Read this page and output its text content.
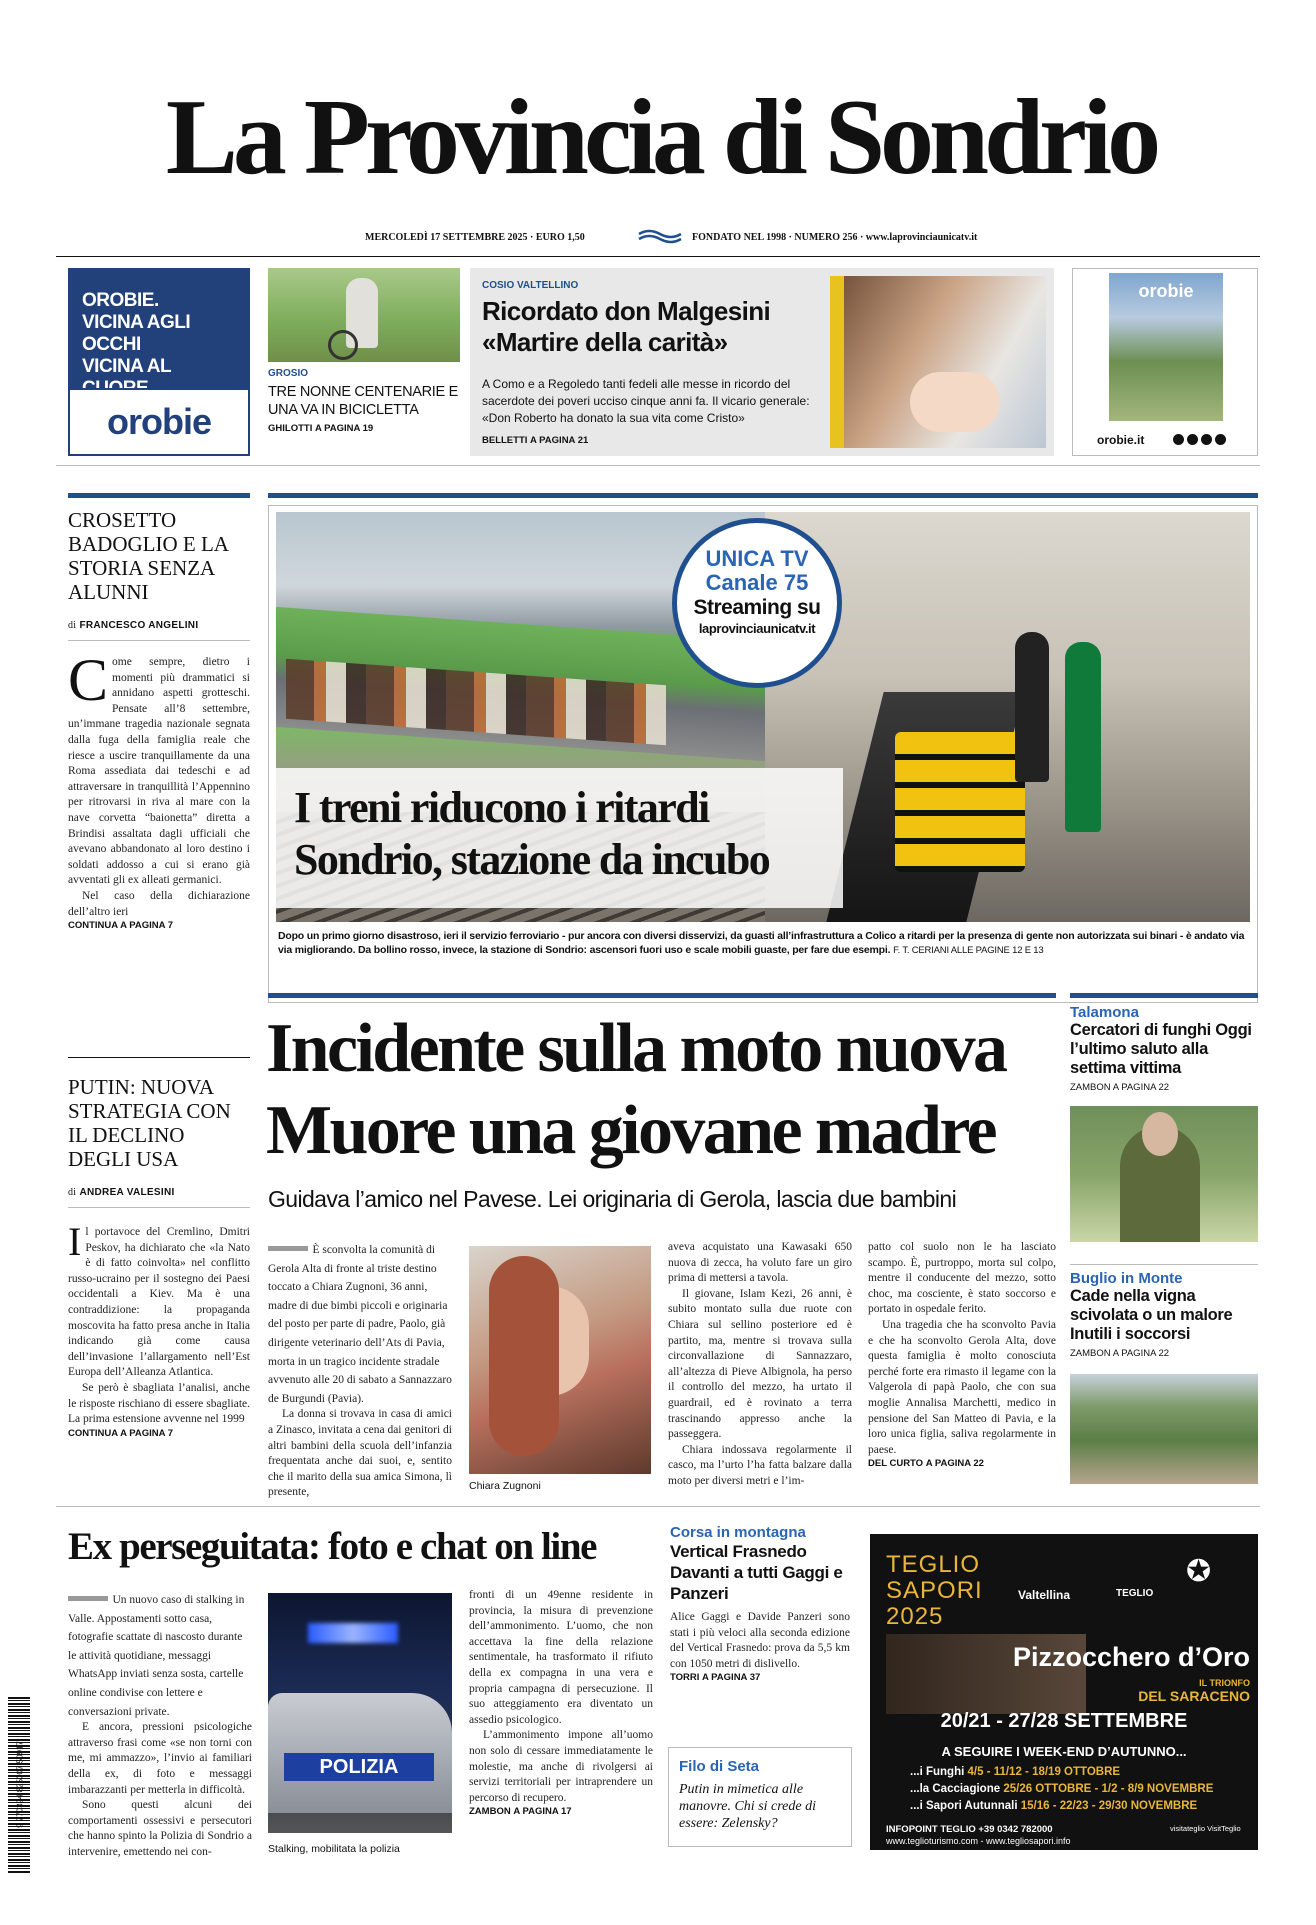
La Provincia di Sondrio
MERCOLEDÌ 17 SETTEMBRE 2025 · EURO 1,50	FONDATO NEL 1998 · NUMERO 256 · www.laprovinciaunicatv.it
OROBIE.
VICINA AGLI OCCHI
VICINA AL
orobie
GROSIO
TRE NONNE CENTENARIE E UNA VA IN BICICLETTA
GHILOTTI A PAGINA 19
COSIO VALTELLINO
Ricordato don Malgesini
«Martire della carità»
A Como e a Regoledo tanti fedeli alle messe in ricordo del sacerdote dei poveri ucciso cinque anni fa. Il vicario generale: «Don Roberto ha donato la sua vita come Cristo»
BELLETTI A PAGINA 21
orobie
orobie.it
CROSETTO BADOGLIO E LA STORIA SENZA ALUNNI
di FRANCESCO ANGELINI
C ome sempre, dietro i momenti più drammatici si annidano aspetti grotteschi. Pensate all’8 settembre, un’immane tragedia nazionale segnata dalla fuga della famiglia reale che riesce a uscire tranquillamente da una Roma assediata dai tedeschi e ad attraversare in tranquillità l’Appennino per ritrovarsi in riva al mare con la nave corvetta “baionetta” diretta a Brindisi assaltata dagli ufficiali che avevano abbandonato al loro destino i soldati addosso a cui si erano già avventati gli ex alleati germanici.
Nel caso della dichiarazione dell’altro ieri
CONTINUA A PAGINA 7
PUTIN: NUOVA STRATEGIA CON IL DECLINO DEGLI USA
di ANDREA VALESINI
I l portavoce del Cremlino, Dmitri Peskov, ha dichiarato che «la Nato è di fatto coinvolta» nel conflitto russo-ucraino per il sostegno dei Paesi occidentali a Kiev. Ma è una contraddizione: la propaganda moscovita ha fatto presa anche in Italia indicando già come causa dell’invasione l’allargamento nell’Est Europa dell’Alleanza Atlantica.
Se però è sbagliata l’analisi, anche le risposte rischiano di essere sbagliate. La prima estensione avvenne nel 1999
CONTINUA A PAGINA 7
UNICA TV
Canale 75
Streaming su
laprovinciaunicatv.it
I treni riducono i ritardi
Sondrio, stazione da incubo
Dopo un primo giorno disastroso, ieri il servizio ferroviario - pur ancora con diversi disservizi, da guasti all’infrastruttura a Colico a ritardi per la presenza di gente non autorizzata sui binari - è andato via via migliorando. Da bollino rosso, invece, la stazione di Sondrio: ascensori fuori uso e scale mobili guaste, per fare due esempi. F. T. CERIANI ALLE PAGINE 12 E 13
Incidente sulla moto nuova
Muore una giovane madre
Guidava l’amico nel Pavese. Lei originaria di Gerola, lascia due bambini
È sconvolta la comunità di Gerola Alta di fronte al triste destino toccato a Chiara Zugnoni, 36 anni, madre di due bimbi piccoli e originaria del posto per parte di padre, Paolo, già dirigente veterinario dell’Ats di Pavia, morta in un tragico incidente stradale avvenuto alle 20 di sabato a Sannazzaro de Burgundi (Pavia).
La donna si trovava in casa di amici a Zinasco, invitata a cena dai genitori di altri bambini della scuola dell’infanzia frequentata anche dai suoi, e, sentito che il marito della sua amica Simona, lì presente,
Chiara Zugnoni
aveva acquistato una Kawasaki 650 nuova di zecca, ha voluto fare un giro prima di mettersi a tavola.
Il giovane, Islam Kezi, 26 anni, è subito montato sulla due ruote con Chiara sul sellino posteriore ed è partito, ma, mentre si trovava sulla circonvallazione di Sannazzaro, all’altezza di Pieve Albignola, ha perso il controllo del mezzo, ha urtato il guardrail, ed è rovinato a terra trascinando appresso anche la passeggera.
Chiara indossava regolarmente il casco, ma l’urto l’ha fatta balzare dalla moto per diversi metri e l’im-
patto col suolo non le ha lasciato scampo. È, purtroppo, morta sul colpo, mentre il conducente del mezzo, sotto choc, ma cosciente, è stato soccorso e portato in ospedale ferito.
Una tragedia che ha sconvolto Pavia e che ha sconvolto Gerola Alta, dove questa famiglia è molto conosciuta perché forte era rimasto il legame con la Valgerola di papà Paolo, che con sua moglie Annalisa Marchetti, medico in pensione del San Matteo di Pavia, e la loro unica figlia, saliva regolarmente in paese.
DEL CURTO A PAGINA 22
Talamona
Cercatori di funghi Oggi l’ultimo saluto alla settima vittima
ZAMBON A PAGINA 22
Buglio in Monte
Cade nella vigna scivolata o un malore Inutili i soccorsi
ZAMBON A PAGINA 22
Ex perseguitata: foto e chat on line
Un nuovo caso di stalking in Valle. Appostamenti sotto casa, fotografie scattate di nascosto durante le attività quotidiane, messaggi WhatsApp inviati senza sosta, cartelle online condivise con lettere e conversazioni private.
E ancora, pressioni psicologiche attraverso frasi come «se non torni con me, mi ammazzo», l’invio ai familiari della ex, di foto e messaggi imbarazzanti per metterla in difficoltà.
Sono questi alcuni dei comportamenti ossessivi e persecutori che hanno spinto la Polizia di Sondrio a intervenire, emettendo nei con-
POLIZIA
Stalking, mobilitata la polizia
fronti di un 49enne residente in provincia, la misura di prevenzione dell’ammonimento. L’uomo, che non accettava la fine della relazione sentimentale, ha trasformato il rifiuto della ex compagna in una vera e propria campagna di persecuzione. Il suo atteggiamento era diventato un assedio psicologico.
L’ammonimento impone all’uomo non solo di cessare immediatamente le molestie, ma anche di rivolgersi ai servizi territoriali per intraprendere un percorso di recupero.
ZAMBON A PAGINA 17
Corsa in montagna
Vertical Frasnedo Davanti a tutti Gaggi e Panzeri
Alice Gaggi e Davide Panzeri sono stati i più veloci alla seconda edizione del Vertical Frasnedo: prova da 5,5 km con 1050 metri di dislivello.
TORRI A PAGINA 37
Filo di Seta
Putin in mimetica alle manovre. Chi si crede di essere: Zelensky?
TEGLIO
SAPORI
2025
Valtellina	TEGLIO
✪
Pizzocchero d’Oro
IL TRIONFO
DEL SARACENO
20/21 - 27/28 SETTEMBRE
A SEGUIRE I WEEK-END D’AUTUNNO...
...i Funghi 4/5 - 11/12 - 18/19 OTTOBRE
...la Cacciagione 25/26 OTTOBRE - 1/2 - 8/9 NOVEMBRE
...i Sapori Autunnali 15/16 - 22/23 - 29/30 NOVEMBRE
INFOPOINT TEGLIO +39 0342 782000
www.teglioturismo.com - www.tegliosapori.info
visitateglio VisitTeglio
9 770394 825007 50917
